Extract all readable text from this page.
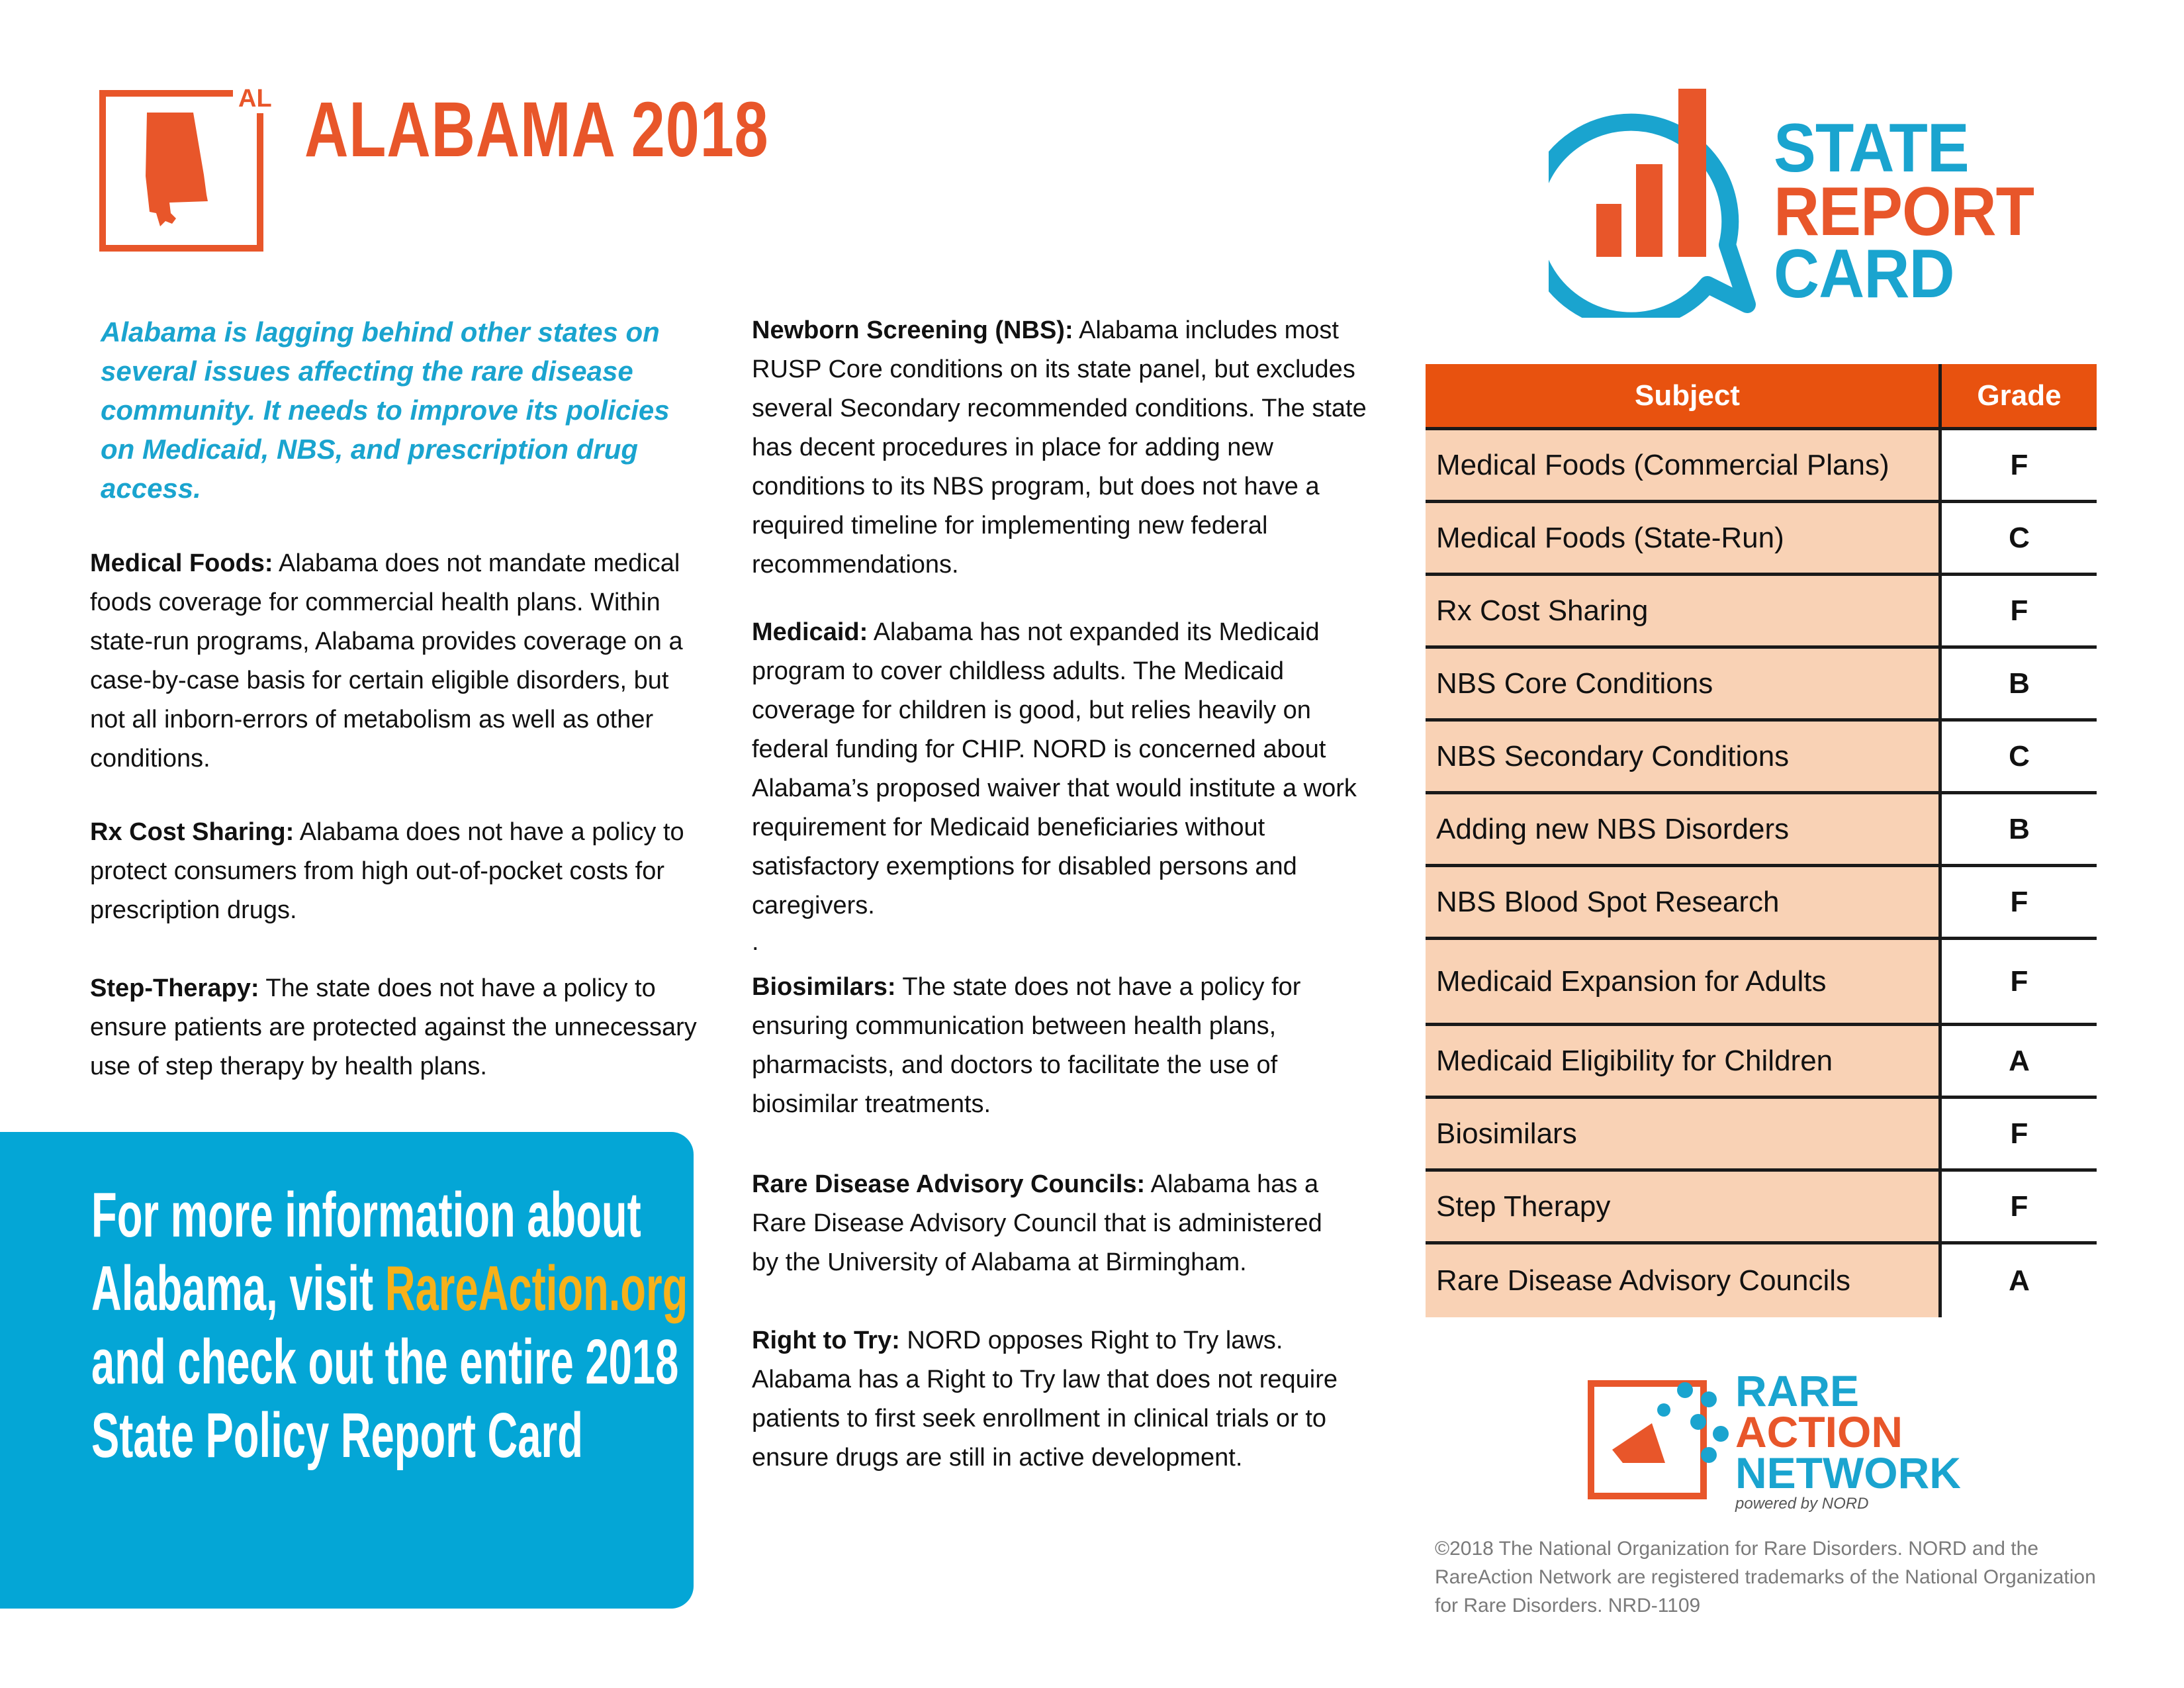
AL ALABAMA 2018	STATE
REPORT
CARD
Alabama is lagging behind other states on several issues affecting the rare disease community. It needs to improve its policies on Medicaid, NBS, and prescription drug access.
Medical Foods: Alabama does not mandate medical foods coverage for commercial health plans. Within state-run programs, Alabama provides coverage on a case-by-case basis for certain eligible disorders, but not all inborn-errors of metabolism as well as other conditions.
Rx Cost Sharing: Alabama does not have a policy to protect consumers from high out-of-pocket costs for prescription drugs.
Step-Therapy: The state does not have a policy to ensure patients are protected against the unnecessary use of step therapy by health plans.
Newborn Screening (NBS): Alabama includes most RUSP Core conditions on its state panel, but excludes several Secondary recommended conditions. The state has decent procedures in place for adding new conditions to its NBS program, but does not have a required timeline for implementing new federal recommendations.
Medicaid: Alabama has not expanded its Medicaid program to cover childless adults. The Medicaid coverage for children is good, but relies heavily on federal funding for CHIP. NORD is concerned about Alabama’s proposed waiver that would institute a work requirement for Medicaid beneficiaries without satisfactory exemptions for disabled persons and caregivers.
.
Biosimilars: The state does not have a policy for ensuring communication between health plans, pharmacists, and doctors to facilitate the use of biosimilar treatments.
Rare Disease Advisory Councils: Alabama has a Rare Disease Advisory Council that is administered by the University of Alabama at Birmingham.
Right to Try: NORD opposes Right to Try laws. Alabama has a Right to Try law that does not require patients to first seek enrollment in clinical trials or to ensure drugs are still in active development.
For more information about Alabama, visit RareAction.org and check out the entire 2018 State Policy Report Card
Subject	Grade
Medical Foods (Commercial Plans)	F
Medical Foods (State-Run)	C
Rx Cost Sharing	F
NBS Core Conditions	B
NBS Secondary Conditions	C
Adding new NBS Disorders	B
NBS Blood Spot Research	F
Medicaid Expansion for Adults	F
Medicaid Eligibility for Children	A
Biosimilars	F
Step Therapy	F
Rare Disease Advisory Councils	A
RARE
ACTION
NETWORK
powered by NORD
©2018 The National Organization for Rare Disorders. NORD and the RareAction Network are registered trademarks of the National Organization for Rare Disorders. NRD-1109
